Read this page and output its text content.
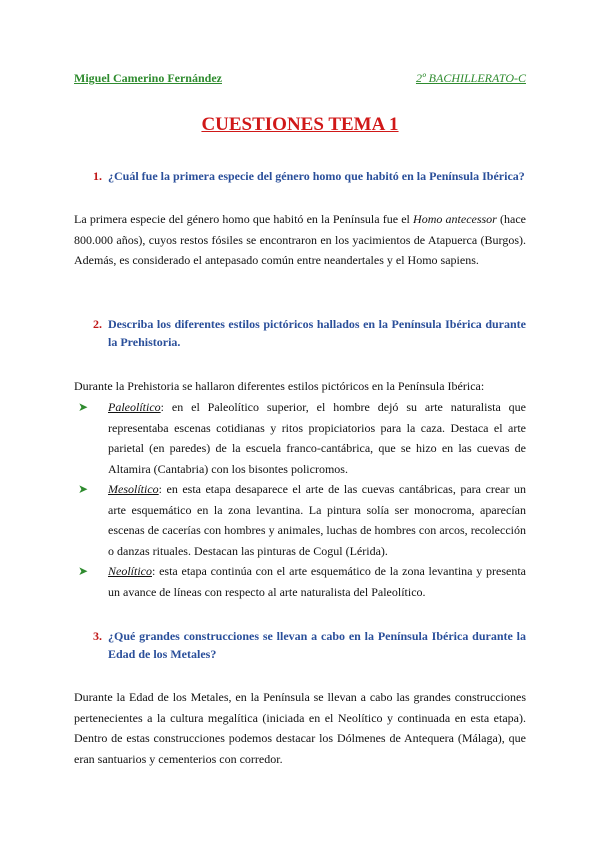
Miguel Camerino Fernández	2º BACHILLERATO-C
CUESTIONES TEMA 1
1. ¿Cuál fue la primera especie del género homo que habitó en la Península Ibérica?

La primera especie del género homo que habitó en la Península fue el Homo antecessor (hace 800.000 años), cuyos restos fósiles se encontraron en los yacimientos de Atapuerca (Burgos). Además, es considerado el antepasado común entre neandertales y el Homo sapiens.

2. Describa los diferentes estilos pictóricos hallados en la Península Ibérica durante la Prehistoria.

Durante la Prehistoria se hallaron diferentes estilos pictóricos en la Península Ibérica:

➤	Paleolítico: en el Paleolítico superior, el hombre dejó su arte naturalista que representaba escenas cotidianas y ritos propiciatorios para la caza. Destaca el arte parietal (en paredes) de la escuela franco-cantábrica, que se hizo en las cuevas de Altamira (Cantabria) con los bisontes policromos.
➤	Mesolítico: en esta etapa desaparece el arte de las cuevas cantábricas, para crear un arte esquemático en la zona levantina. La pintura solía ser monocroma, aparecían escenas de cacerías con hombres y animales, luchas de hombres con arcos, recolección o danzas rituales. Destacan las pinturas de Cogul (Lérida).
➤	Neolítico: esta etapa continúa con el arte esquemático de la zona levantina y presenta un avance de líneas con respecto al arte naturalista del Paleolítico.
3. ¿Qué grandes construcciones se llevan a cabo en la Península Ibérica durante la Edad de los Metales?

Durante la Edad de los Metales, en la Península se llevan a cabo las grandes construcciones pertenecientes a la cultura megalítica (iniciada en el Neolítico y continuada en esta etapa). Dentro de estas construcciones podemos destacar los Dólmenes de Antequera (Málaga), que eran santuarios y cementerios con corredor.
